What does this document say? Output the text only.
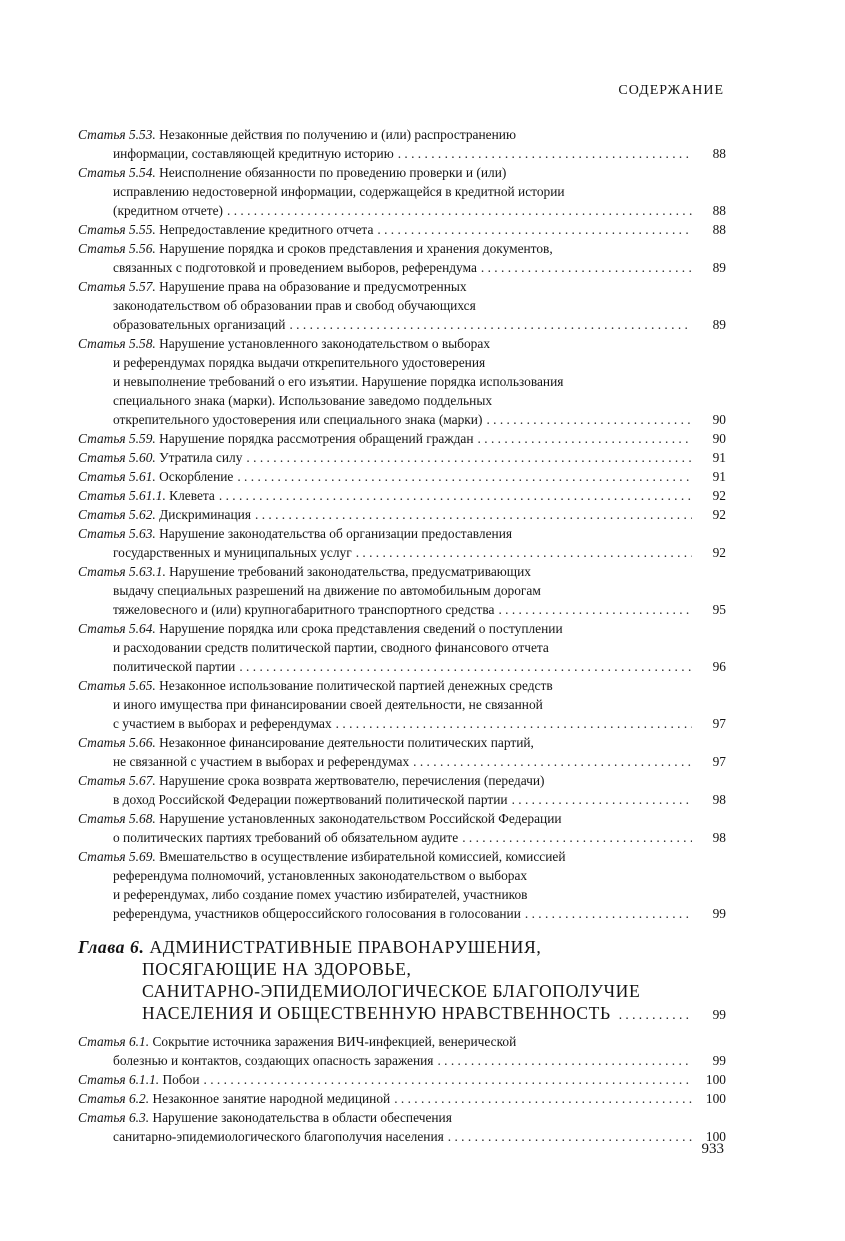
СОДЕРЖАНИЕ
Статья 5.53. Незаконные действия по получению и (или) распространению
информации, составляющей кредитную историю . . .	88
Статья 5.54. Неисполнение обязанности по проведению проверки и (или)
исправлению недостоверной информации, содержащейся в кредитной истории
(кредитном отчете) . . .	88
Статья 5.55. Непредоставление кредитного отчета . . .	88
Статья 5.56. Нарушение порядка и сроков представления и хранения документов,
связанных с подготовкой и проведением выборов, референдума . . .	89
Статья 5.57. Нарушение права на образование и предусмотренных
законодательством об образовании прав и свобод обучающихся
образовательных организаций . . .	89
Статья 5.58. Нарушение установленного законодательством о выборах
и референдумах порядка выдачи открепительного удостоверения
и невыполнение требований о его изъятии. Нарушение порядка использования
специального знака (марки). Использование заведомо поддельных
открепительного удостоверения или специального знака (марки) . . .	90
Статья 5.59. Нарушение порядка рассмотрения обращений граждан . . .	90
Статья 5.60. Утратила силу . . .	91
Статья 5.61. Оскорбление . . .	91
Статья 5.61.1. Клевета . . .	92
Статья 5.62. Дискриминация . . .	92
Статья 5.63. Нарушение законодательства об организации предоставления
государственных и муниципальных услуг . . .	92
Статья 5.63.1. Нарушение требований законодательства, предусматривающих
выдачу специальных разрешений на движение по автомобильным дорогам
тяжеловесного и (или) крупногабаритного транспортного средства . . .	95
Статья 5.64. Нарушение порядка или срока представления сведений о поступлении
и расходовании средств политической партии, сводного финансового отчета
политической партии . . .	96
Статья 5.65. Незаконное использование политической партией денежных средств
и иного имущества при финансировании своей деятельности, не связанной
с участием в выборах и референдумах . . .	97
Статья 5.66. Незаконное финансирование деятельности политических партий,
не связанной с участием в выборах и референдумах . . .	97
Статья 5.67. Нарушение срока возврата жертвователю, перечисления (передачи)
в доход Российской Федерации пожертвований политической партии . . .	98
Статья 5.68. Нарушение установленных законодательством Российской Федерации
о политических партиях требований об обязательном аудите . . .	98
Статья 5.69. Вмешательство в осуществление избирательной комиссией, комиссией
референдума полномочий, установленных законодательством о выборах
и референдумах, либо создание помех участию избирателей, участников
референдума, участников общероссийского голосования в голосовании . . .	99
Глава 6. АДМИНИСТРАТИВНЫЕ ПРАВОНАРУШЕНИЯ,
ПОСЯГАЮЩИЕ НА ЗДОРОВЬЕ,
САНИТАРНО-ЭПИДЕМИОЛОГИЧЕСКОЕ БЛАГОПОЛУЧИЕ
НАСЕЛЕНИЯ И ОБЩЕСТВЕННУЮ НРАВСТВЕННОСТЬ . . .	99
Статья 6.1. Сокрытие источника заражения ВИЧ-инфекцией, венерической
болезнью и контактов, создающих опасность заражения . . .	99
Статья 6.1.1. Побои . . .	100
Статья 6.2. Незаконное занятие народной медициной . . .	100
Статья 6.3. Нарушение законодательства в области обеспечения
санитарно-эпидемиологического благополучия населения . . .	100
933
